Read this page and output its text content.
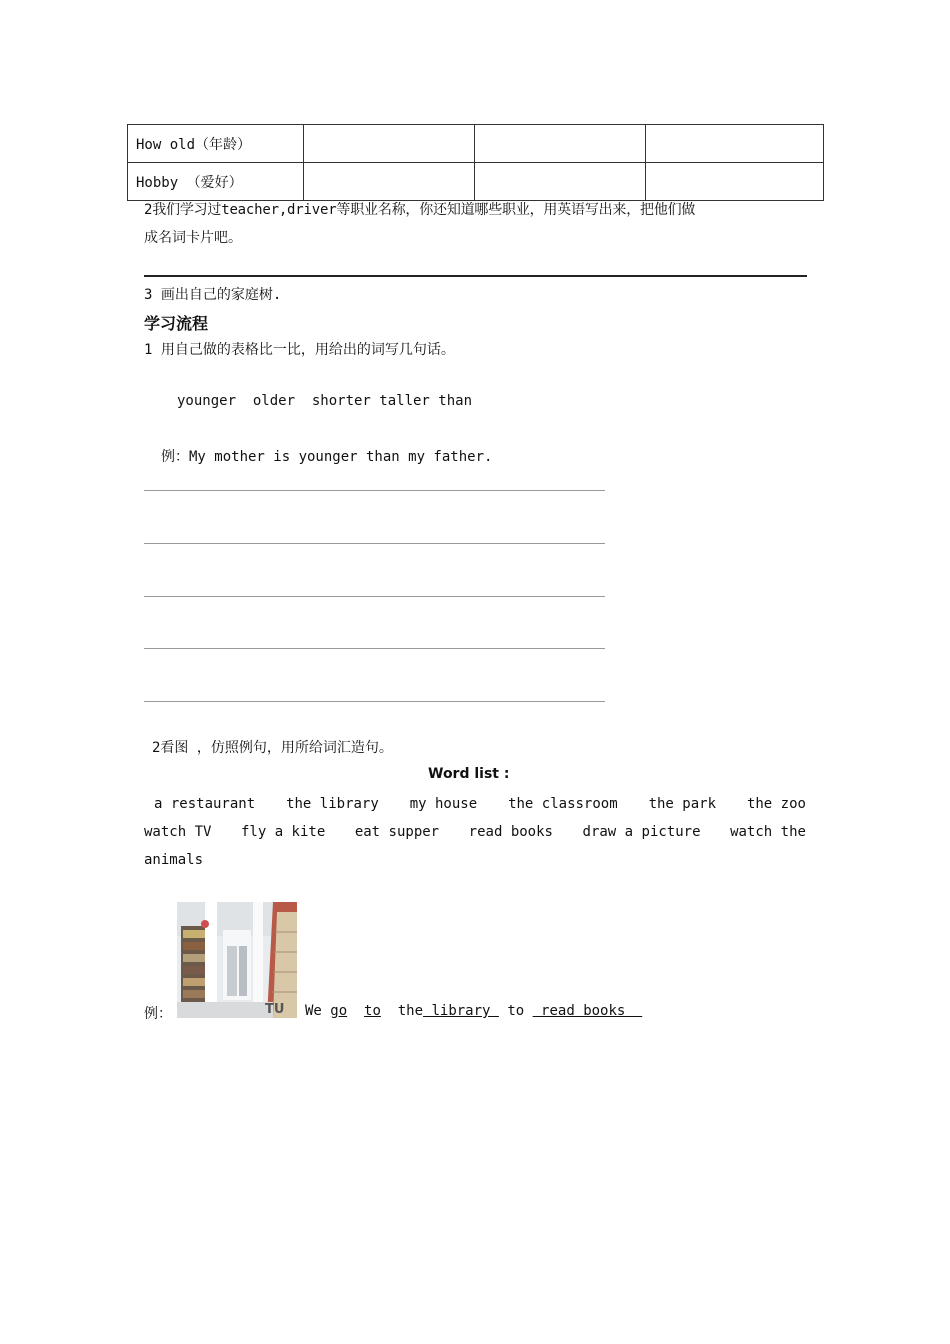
How old（年龄）			
Hobby （爱好）			
2我们学习过teacher,driver等职业名称，你还知道哪些职业，用英语写出来，把他们做
成名词卡片吧。
3 画出自己的家庭树.
学习流程
1 用自己做的表格比一比，用给出的词写几句话。
younger  older  shorter taller than
例：My mother is younger than my father.
2看图 ，仿照例句，用所给词汇造句。
Word list :
a restaurant the library my house the classroom the park the zoo
watch TV fly a kite eat supper read books draw a picture watch the
animals
TU
例：	We go to the library  to  read books
